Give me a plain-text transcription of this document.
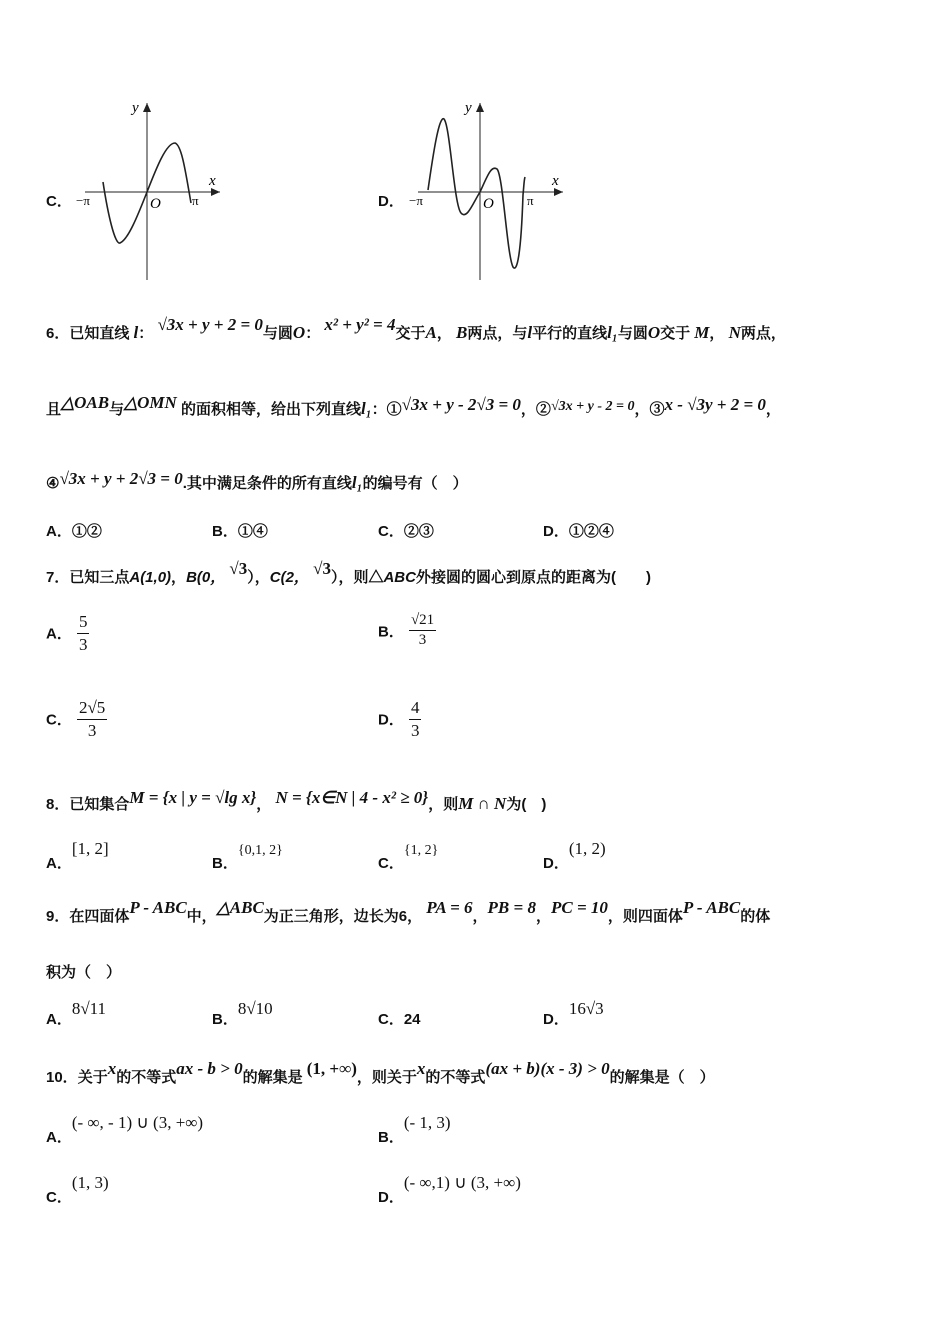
C．
y
x
O
−π	π	D．
y
x
O
−π	π
6．已知直线 l： √3x + y + 2 = 0与圆O： x² + y² = 4交于A， B两点，与l平行的直线l₁与圆O交于 M， N两点，
且△OAB与△OMN 的面积相等，给出下列直线l₁：①√3x + y - 2√3 = 0，②√3x + y - 2 = 0，③x - √3y + 2 = 0，
④√3x + y + 2√3 = 0.其中满足条件的所有直线l₁的编号有（　）
A．①②	B．①④	C．②③	D．①②④
7．已知三点A(1,0)，B(0， √3），C(2， √3），则△ABC外接圆的圆心到原点的距离为(　　)
A． $\frac{5}{3}$	B． $\frac{√21}{3}$
C． $\frac{2√5}{3}$	D． $\frac{4}{3}$
8．已知集合M = {x | y = √lg x}， N = {x∈N | 4 - x² ≥ 0}，则M ∩ N为(　)
A．[1, 2]
B．{0,1, 2}
C．{1, 2}
D．(1, 2)
9．在四面体P - ABC中，△ABC为正三角形，边长为6， PA = 6，PB = 8，PC = 10，则四面体P - ABC的体
积为（　）
A．8√11
B．8√10
C．24	D．16√3
10．关于x的不等式ax - b > 0的解集是 (1, +∞)，则关于x的不等式(ax + b)(x - 3) > 0的解集是（　）
A．(- ∞, - 1) ∪ (3, +∞)
B．(- 1, 3)
C．(1, 3)
D．(- ∞,1) ∪ (3, +∞)
